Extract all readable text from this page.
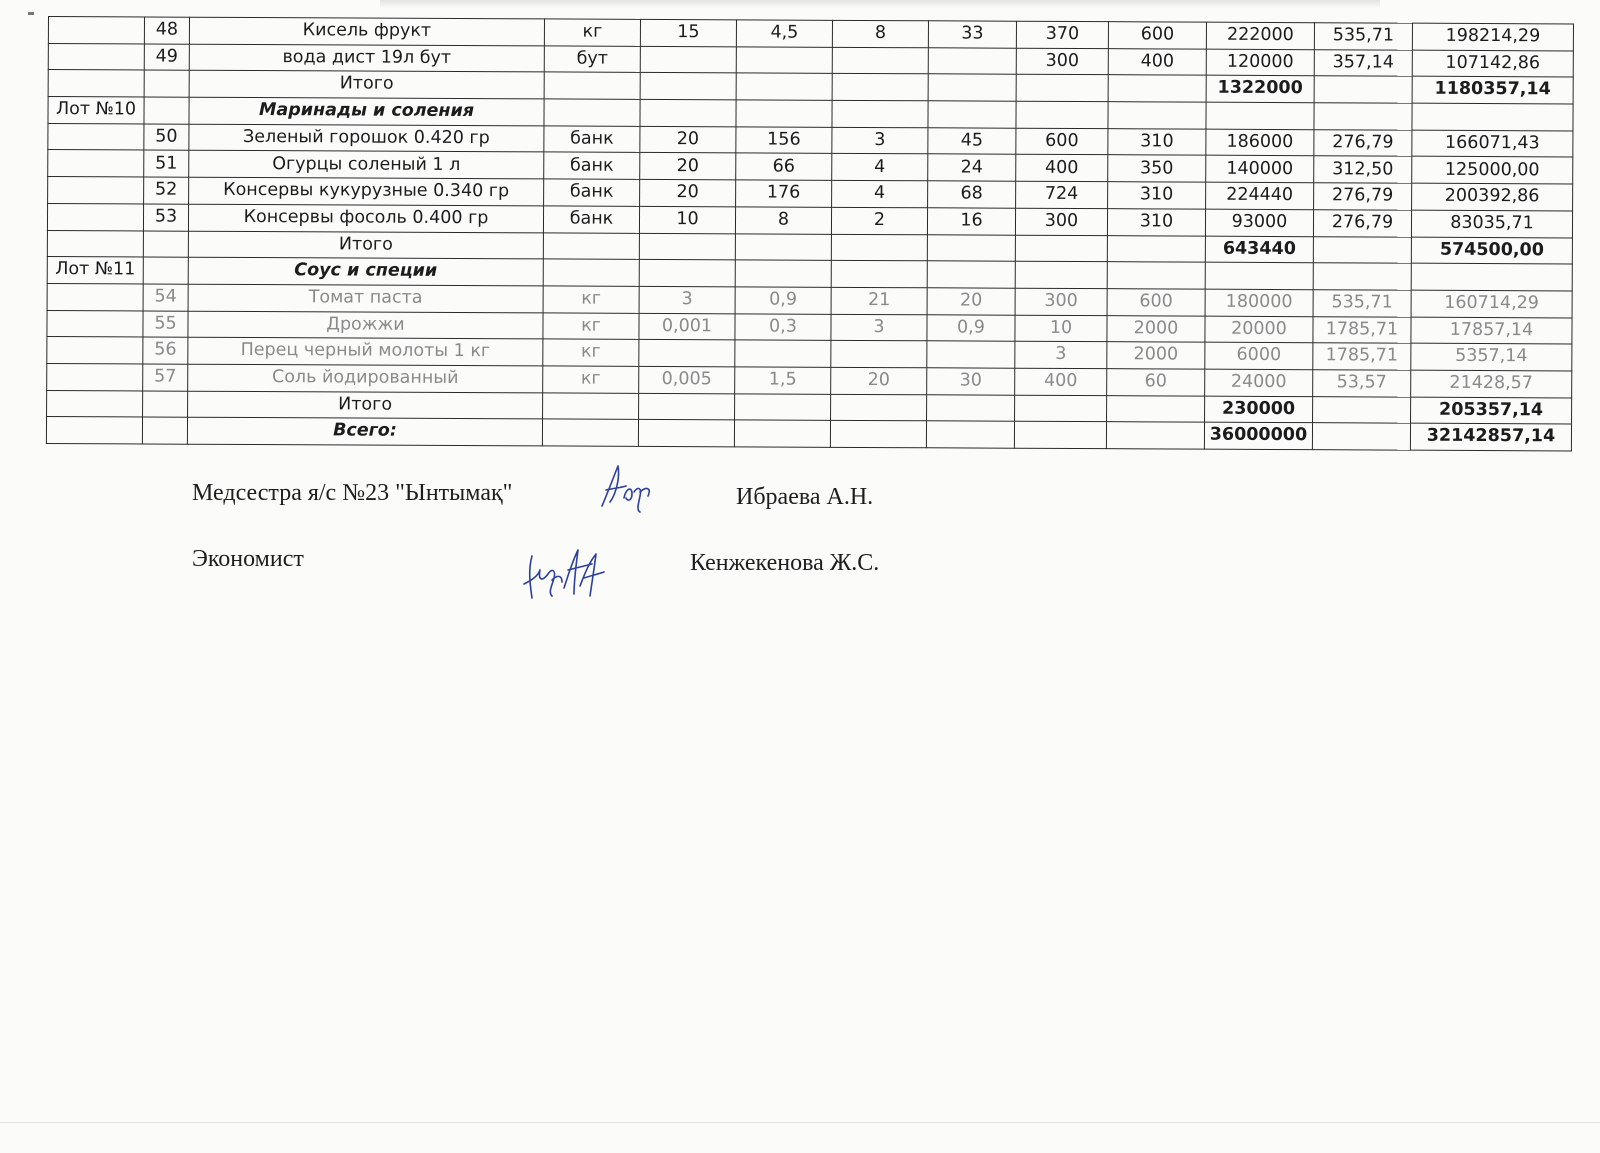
	48	Кисель фрукт	кг	15	4,5	8	33	370	600	222000	535,71	198214,29
	49	вода дист 19л бут	бут					300	400	120000	357,14	107142,86
		Итого								1322000		1180357,14
Лот №10		Маринады и соления										
	50	Зеленый горошок 0.420 гр	банк	20	156	3	45	600	310	186000	276,79	166071,43
	51	Огурцы соленый 1 л	банк	20	66	4	24	400	350	140000	312,50	125000,00
	52	Консервы кукурузные 0.340 гр	банк	20	176	4	68	724	310	224440	276,79	200392,86
	53	Консервы фосоль 0.400 гр	банк	10	8	2	16	300	310	93000	276,79	83035,71
		Итого								643440		574500,00
Лот №11		Соус и специи										
	54	Томат паста	кг	3	0,9	21	20	300	600	180000	535,71	160714,29
	55	Дрожжи	кг	0,001	0,3	3	0,9	10	2000	20000	1785,71	17857,14
	56	Перец черный молоты 1 кг	кг					3	2000	6000	1785,71	5357,14
	57	Соль йодированный	кг	0,005	1,5	20	30	400	60	24000	53,57	21428,57
		Итого								230000		205357,14
		Всего:								36000000		32142857,14
Медсестра я/с №23 "Ынтымақ"	Ибраева А.Н.
Экономист	Кенжекенова Ж.С.
